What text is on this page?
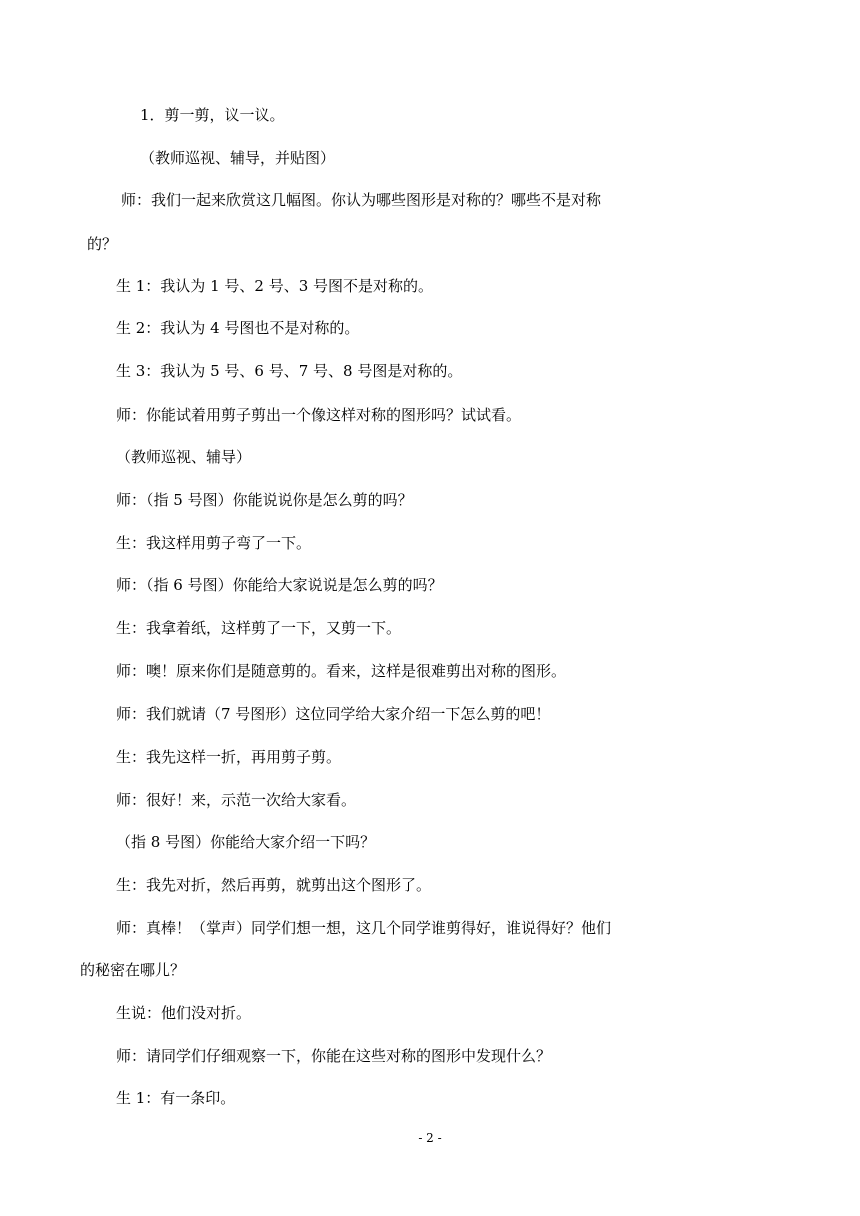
1．剪一剪，议一议。
（教师巡视、辅导，并贴图）
师：我们一起来欣赏这几幅图。你认为哪些图形是对称的？哪些不是对称
的？
生 1：我认为 1 号、2 号、3 号图不是对称的。
生 2：我认为 4 号图也不是对称的。
生 3：我认为 5 号、6 号、7 号、8 号图是对称的。
师：你能试着用剪子剪出一个像这样对称的图形吗？试试看。
（教师巡视、辅导）
师：（指 5 号图）你能说说你是怎么剪的吗？
生：我这样用剪子弯了一下。
师：（指 6 号图）你能给大家说说是怎么剪的吗？
生：我拿着纸，这样剪了一下，又剪一下。
师：噢！原来你们是随意剪的。看来，这样是很难剪出对称的图形。
师：我们就请（7 号图形）这位同学给大家介绍一下怎么剪的吧！
生：我先这样一折，再用剪子剪。
师：很好！来，示范一次给大家看。
（指 8 号图）你能给大家介绍一下吗？
生：我先对折，然后再剪，就剪出这个图形了。
师：真棒！（掌声）同学们想一想，这几个同学谁剪得好，谁说得好？他们
的秘密在哪儿？
生说：他们没对折。
师：请同学们仔细观察一下，你能在这些对称的图形中发现什么？
生 1：有一条印。
- 2 -
